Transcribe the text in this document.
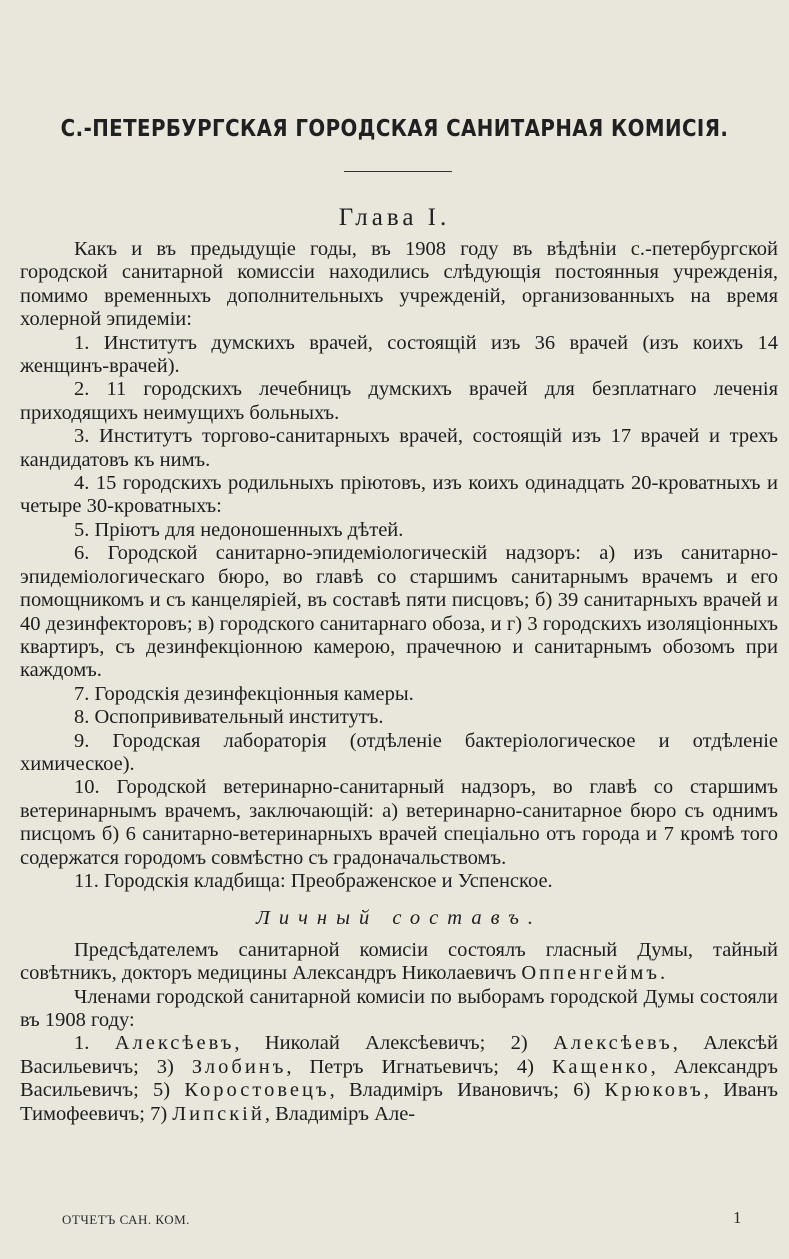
С.-ПЕТЕРБУРГСКАЯ ГОРОДСКАЯ САНИТАРНАЯ КОМИСІЯ.
Глава I.

Какъ и въ предыдущіе годы, въ 1908 году въ вѣдѣніи с.-петербургской городской санитарной комиссіи находились слѣдующія постоянныя учрежденія, помимо временныхъ дополнительныхъ учрежденій, организованныхъ на время холерной эпидеміи:

1. Институтъ думскихъ врачей, состоящій изъ 36 врачей (изъ коихъ 14 женщинъ-врачей).

2. 11 городскихъ лечебницъ думскихъ врачей для безплатнаго леченія приходящихъ неимущихъ больныхъ.

3. Институтъ торгово-санитарныхъ врачей, состоящій изъ 17 врачей и трехъ кандидатовъ къ нимъ.

4. 15 городскихъ родильныхъ пріютовъ, изъ коихъ одинадцать 20-кроватныхъ и четыре 30-кроватныхъ:

5. Пріютъ для недоношенныхъ дѣтей.

6. Городской санитарно-эпидеміологическій надзоръ: а) изъ санитарно-эпидеміологическаго бюро, во главѣ со старшимъ санитарнымъ врачемъ и его помощникомъ и съ канцеляріей, въ составѣ пяти писцовъ; б) 39 санитарныхъ врачей и 40 дезинфекторовъ; в) городского санитарнаго обоза, и г) 3 городскихъ изоляціонныхъ квартиръ, съ дезинфекціонною камерою, прачечною и санитарнымъ обозомъ при каждомъ.

7. Городскія дезинфекціонныя камеры.

8. Оспопрививательный институтъ.

9. Городская лабораторія (отдѣленіе бактеріологическое и отдѣленіе химическое).

10. Городской ветеринарно-санитарный надзоръ, во главѣ со старшимъ ветеринарнымъ врачемъ, заключающій: а) ветеринарно-санитарное бюро съ однимъ писцомъ б) 6 санитарно-ветеринарныхъ врачей спеціально отъ города и 7 кромѣ того содержатся городомъ совмѣстно съ градоначальствомъ.

11. Городскія кладбища: Преображенское и Успенское.

Личный составъ.

Предсѣдателемъ санитарной комисіи состоялъ гласный Думы, тайный совѣтникъ, докторъ медицины Александръ Николаевичъ Оппенгеймъ.

Членами городской санитарной комисіи по выборамъ городской Думы состояли въ 1908 году:

1. Алексѣевъ, Николай Алексѣевичъ; 2) Алексѣевъ, Алексѣй Васильевичъ; 3) Злобинъ, Петръ Игнатьевичъ; 4) Кащенко, Александръ Васильевичъ; 5) Коростовецъ, Владиміръ Ивановичъ; 6) Крюковъ, Иванъ Тимофеевичъ; 7) Липскій, Владиміръ Але-

ОТЧЕТЪ САН. КОМ.	1
